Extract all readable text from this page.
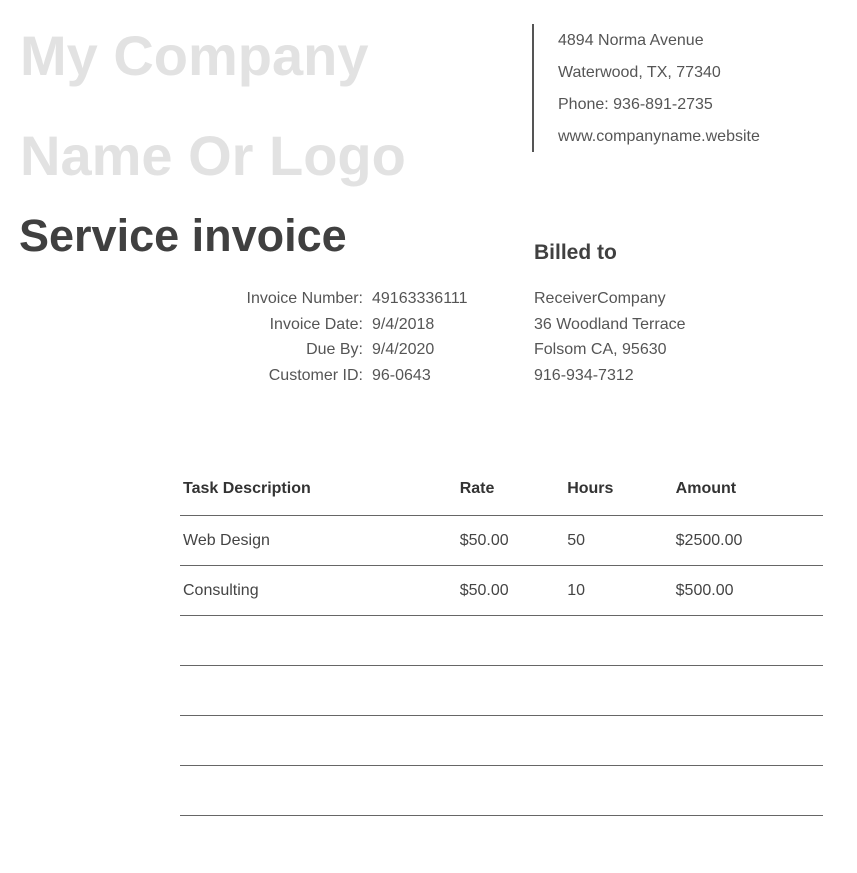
My Company
Name Or Logo
4894 Norma Avenue
Waterwood, TX, 77340
Phone: 936-891-2735
www.companyname.website
Service invoice	Billed to
Invoice Number: 49163336111
Invoice Date: 9/4/2018
Due By: 9/4/2020
Customer ID: 96-0643
ReceiverCompany
36 Woodland Terrace
Folsom CA, 95630
916-934-7312
Task Description	Rate	Hours	Amount
Web Design	$50.00	50	$2500.00
Consulting	$50.00	10	$500.00
